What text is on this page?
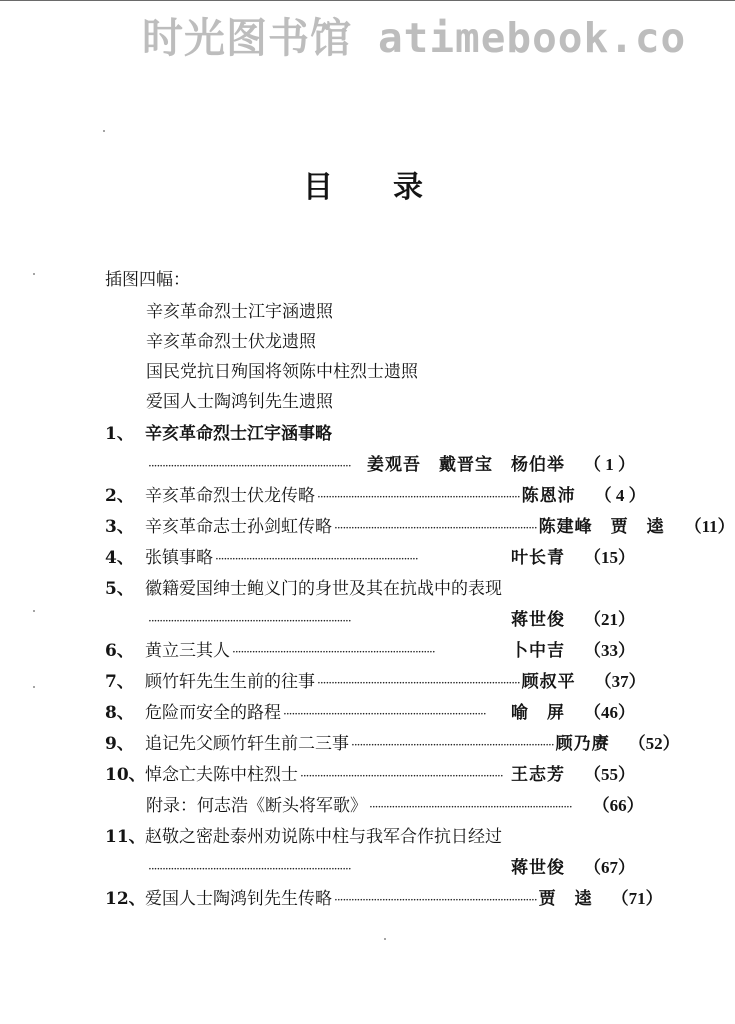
时光图书馆 atimebook.co
目 录
插图四幅：
辛亥革命烈士江宇涵遗照
辛亥革命烈士伏龙遗照
国民党抗日殉国将领陈中柱烈士遗照
爱国人士陶鸿钊先生遗照
1、 辛亥革命烈士江宇涵事略
········································································ 姜观吾　戴晋宝　杨伯举	（ 1 ）
2、 辛亥革命烈士伏龙传略 ········································································ 陈恩沛	（ 4 ）
3、 辛亥革命志士孙剑虹传略 ········································································ 陈建峰　贾　逵	（11）
4、 张镇事略 ········································································	叶长青	（15）
5、 徽籍爱国绅士鲍义门的身世及其在抗战中的表现
········································································	蒋世俊	（21）
6、 黄立三其人 ········································································	卜中吉	（33）
7、 顾竹轩先生生前的往事 ········································································ 顾叔平	（37）
8、 危险而安全的路程 ········································································	喻　屏	（46）
9、 追记先父顾竹轩生前二三事 ········································································ 顾乃赓	（52）
10、 悼念亡夫陈中柱烈士 ········································································ 王志芳	（55）
附录：何志浩《断头将军歌》 ········································································	（66）
11、 赵敬之密赴泰州劝说陈中柱与我军合作抗日经过
········································································	蒋世俊	（67）
12、 爱国人士陶鸿钊先生传略 ········································································ 贾　逵	（71）
